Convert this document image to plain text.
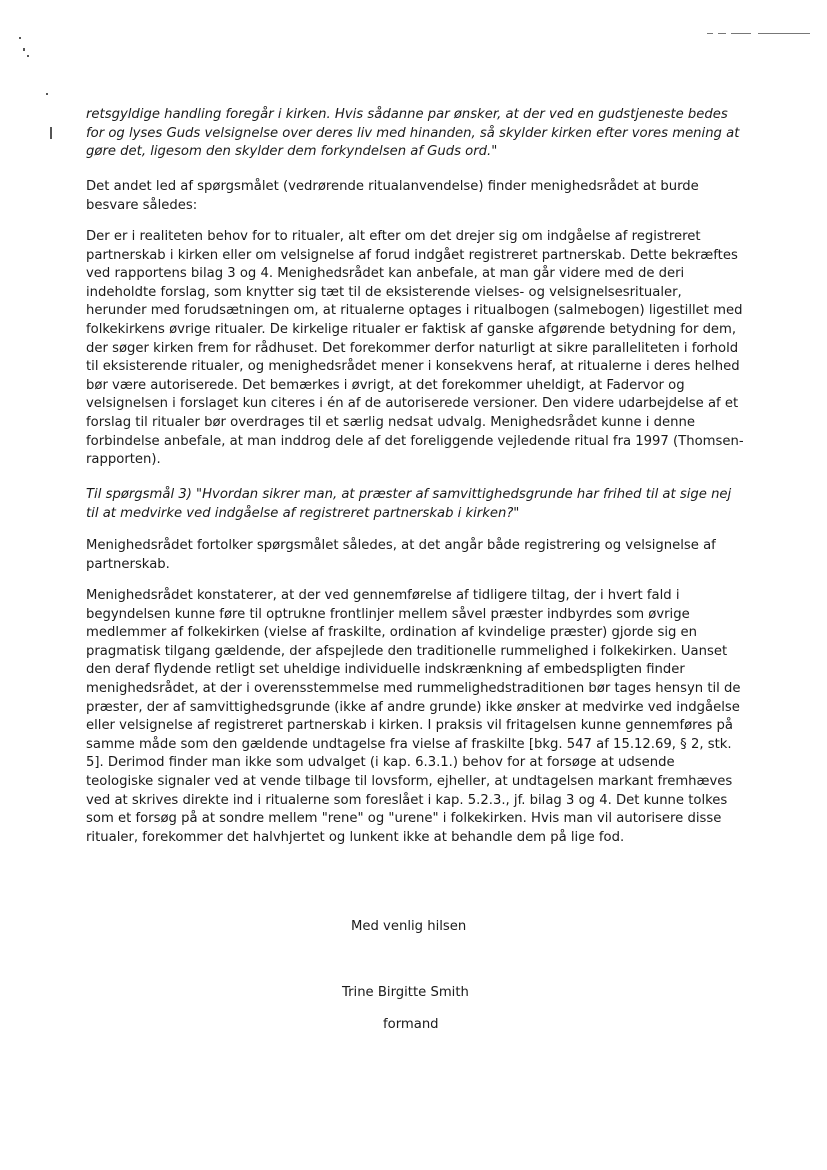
retsgyldige handling foregår i kirken. Hvis sådanne par ønsker, at der ved en gudstjeneste bedes for og lyses Guds velsignelse over deres liv med hinanden, så skylder kirken efter vores mening at gøre det, ligesom den skylder dem forkyndelsen af Guds ord."

Det andet led af spørgsmålet (vedrørende ritualanvendelse) finder menighedsrådet at burde besvare således:

Der er i realiteten behov for to ritualer, alt efter om det drejer sig om indgåelse af registreret partnerskab i kirken eller om velsignelse af forud indgået registreret partnerskab. Dette bekræftes ved rapportens bilag 3 og 4. Menighedsrådet kan anbefale, at man går videre med de deri indeholdte forslag, som knytter sig tæt til de eksisterende vielses- og velsignelsesritualer, herunder med forudsætningen om, at ritualerne optages i ritualbogen (salmebogen) ligestillet med folkekirkens øvrige ritualer. De kirkelige ritualer er faktisk af ganske afgørende betydning for dem, der søger kirken frem for rådhuset. Det forekommer derfor naturligt at sikre paralleliteten i forhold til eksisterende ritualer, og menighedsrådet mener i konsekvens heraf, at ritualerne i deres helhed bør være autoriserede. Det bemærkes i øvrigt, at det forekommer uheldigt, at Fadervor og velsignelsen i forslaget kun citeres i én af de autoriserede versioner. Den videre udarbejdelse af et forslag til ritualer bør overdrages til et særlig nedsat udvalg. Menighedsrådet kunne i denne forbindelse anbefale, at man inddrog dele af det foreliggende vejledende ritual fra 1997 (Thomsen-rapporten).

Til spørgsmål 3) "Hvordan sikrer man, at præster af samvittighedsgrunde har frihed til at sige nej til at medvirke ved indgåelse af registreret partnerskab i kirken?"

Menighedsrådet fortolker spørgsmålet således, at det angår både registrering og velsignelse af partnerskab.

Menighedsrådet konstaterer, at der ved gennemførelse af tidligere tiltag, der i hvert fald i begyndelsen kunne føre til optrukne frontlinjer mellem såvel præster indbyrdes som øvrige medlemmer af folkekirken (vielse af fraskilte, ordination af kvindelige præster) gjorde sig en pragmatisk tilgang gældende, der afspejlede den traditionelle rummelighed i folkekirken. Uanset den deraf flydende retligt set uheldige individuelle indskrænkning af embedspligten finder menighedsrådet, at der i overensstemmelse med rummelighedstraditionen bør tages hensyn til de præster, der af samvittighedsgrunde (ikke af andre grunde) ikke ønsker at medvirke ved indgåelse eller velsignelse af registreret partnerskab i kirken. I praksis vil fritagelsen kunne gennemføres på samme måde som den gældende undtagelse fra vielse af fraskilte [bkg. 547 af 15.12.69, § 2, stk. 5]. Derimod finder man ikke som udvalget (i kap. 6.3.1.) behov for at forsøge at udsende teologiske signaler ved at vende tilbage til lovsform, ejheller, at undtagelsen markant fremhæves ved at skrives direkte ind i ritualerne som foreslået i kap. 5.2.3., jf. bilag 3 og 4. Det kunne tolkes som et forsøg på at sondre mellem "rene" og "urene" i folkekirken. Hvis man vil autorisere disse ritualer, forekommer det halvhjertet og lunkent ikke at behandle dem på lige fod.

Med venlig hilsen
Trine Birgitte Smith
formand
